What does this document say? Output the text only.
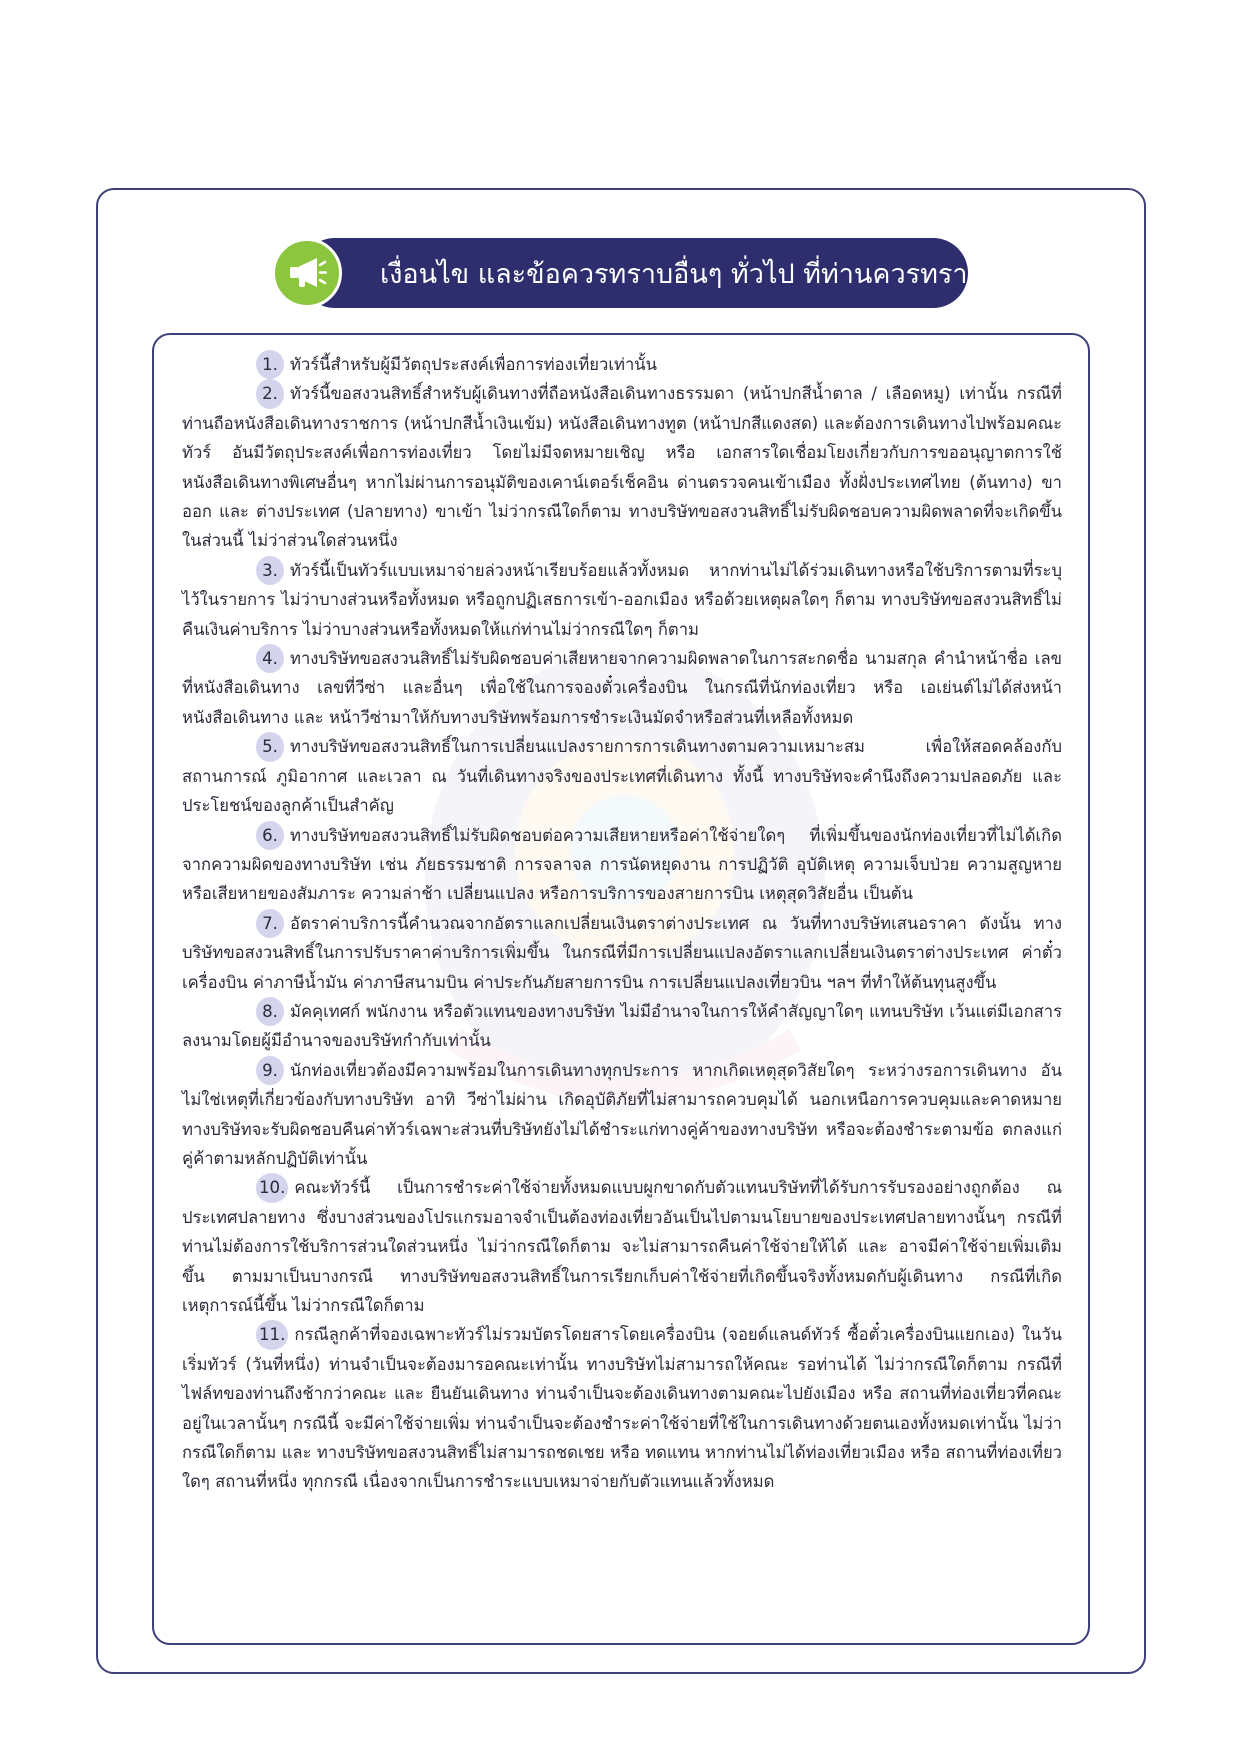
เงื่อนไข และข้อควรทราบอื่นๆ ทั่วไป ที่ท่านควรทราบ

1. ทัวร์นี้สำหรับผู้มีวัตถุประสงค์เพื่อการท่องเที่ยวเท่านั้น

2. ทัวร์นี้ขอสงวนสิทธิ์สำหรับผู้เดินทางที่ถือหนังสือเดินทางธรรมดา (หน้าปกสีน้ำตาล / เลือดหมู) เท่านั้น กรณีที่ท่านถือหนังสือเดินทางราชการ (หน้าปกสีน้ำเงินเข้ม) หนังสือเดินทางทูต (หน้าปกสีแดงสด) และต้องการเดินทางไปพร้อมคณะทัวร์ อันมีวัตถุประสงค์เพื่อการท่องเที่ยว โดยไม่มีจดหมายเชิญ หรือ เอกสารใดเชื่อมโยงเกี่ยวกับการขออนุญาตการใช้หนังสือเดินทางพิเศษอื่นๆ หากไม่ผ่านการอนุมัติของเคาน์เตอร์เช็คอิน ด่านตรวจคนเข้าเมือง ทั้งฝั่งประเทศไทย (ต้นทาง) ขาออก และ ต่างประเทศ (ปลายทาง) ขาเข้า ไม่ว่ากรณีใดก็ตาม ทางบริษัทขอสงวนสิทธิ์ไม่รับผิดชอบความผิดพลาดที่จะเกิดขึ้นในส่วนนี้ ไม่ว่าส่วนใดส่วนหนึ่ง

3. ทัวร์นี้เป็นทัวร์แบบเหมาจ่ายล่วงหน้าเรียบร้อยแล้วทั้งหมด หากท่านไม่ได้ร่วมเดินทางหรือใช้บริการตามที่ระบุไว้ในรายการ ไม่ว่าบางส่วนหรือทั้งหมด หรือถูกปฏิเสธการเข้า-ออกเมือง หรือด้วยเหตุผลใดๆ ก็ตาม ทางบริษัทขอสงวนสิทธิ์ไม่คืนเงินค่าบริการ ไม่ว่าบางส่วนหรือทั้งหมดให้แก่ท่านไม่ว่ากรณีใดๆ ก็ตาม

4. ทางบริษัทขอสงวนสิทธิ์ไม่รับผิดชอบค่าเสียหายจากความผิดพลาดในการสะกดชื่อ นามสกุล คำนำหน้าชื่อ เลขที่หนังสือเดินทาง เลขที่วีซ่า และอื่นๆ เพื่อใช้ในการจองตั๋วเครื่องบิน ในกรณีที่นักท่องเที่ยว หรือ เอเย่นต์ไม่ได้ส่งหน้าหนังสือเดินทาง และ หน้าวีซ่ามาให้กับทางบริษัทพร้อมการชำระเงินมัดจำหรือส่วนที่เหลือทั้งหมด

5. ทางบริษัทขอสงวนสิทธิ์ในการเปลี่ยนแปลงรายการการเดินทางตามความเหมาะสม เพื่อให้สอดคล้องกับ สถานการณ์ ภูมิอากาศ และเวลา ณ วันที่เดินทางจริงของประเทศที่เดินทาง ทั้งนี้ ทางบริษัทจะคำนึงถึงความปลอดภัย และ ประโยชน์ของลูกค้าเป็นสำคัญ

6. ทางบริษัทขอสงวนสิทธิ์ไม่รับผิดชอบต่อความเสียหายหรือค่าใช้จ่ายใดๆ ที่เพิ่มขึ้นของนักท่องเที่ยวที่ไม่ได้เกิดจากความผิดของทางบริษัท เช่น ภัยธรรมชาติ การจลาจล การนัดหยุดงาน การปฏิวัติ อุบัติเหตุ ความเจ็บป่วย ความสูญหายหรือเสียหายของสัมภาระ ความล่าช้า เปลี่ยนแปลง หรือการบริการของสายการบิน เหตุสุดวิสัยอื่น เป็นต้น

7. อัตราค่าบริการนี้คำนวณจากอัตราแลกเปลี่ยนเงินตราต่างประเทศ ณ วันที่ทางบริษัทเสนอราคา ดังนั้น ทางบริษัทขอสงวนสิทธิ์ในการปรับราคาค่าบริการเพิ่มขึ้น ในกรณีที่มีการเปลี่ยนแปลงอัตราแลกเปลี่ยนเงินตราต่างประเทศ ค่าตั๋ว เครื่องบิน ค่าภาษีน้ำมัน ค่าภาษีสนามบิน ค่าประกันภัยสายการบิน การเปลี่ยนแปลงเที่ยวบิน ฯลฯ ที่ทำให้ต้นทุนสูงขึ้น

8. มัคคุเทศก์ พนักงาน หรือตัวแทนของทางบริษัท ไม่มีอำนาจในการให้คำสัญญาใดๆ แทนบริษัท เว้นแต่มีเอกสารลงนามโดยผู้มีอำนาจของบริษัทกำกับเท่านั้น

9. นักท่องเที่ยวต้องมีความพร้อมในการเดินทางทุกประการ หากเกิดเหตุสุดวิสัยใดๆ ระหว่างรอการเดินทาง อันไม่ใช่เหตุที่เกี่ยวข้องกับทางบริษัท อาทิ วีซ่าไม่ผ่าน เกิดอุบัติภัยที่ไม่สามารถควบคุมได้ นอกเหนือการควบคุมและคาดหมาย ทางบริษัทจะรับผิดชอบคืนค่าทัวร์เฉพาะส่วนที่บริษัทยังไม่ได้ชำระแก่ทางคู่ค้าของทางบริษัท หรือจะต้องชำระตามข้อ ตกลงแก่คู่ค้าตามหลักปฏิบัติเท่านั้น

10. คณะทัวร์นี้ เป็นการชำระค่าใช้จ่ายทั้งหมดแบบผูกขาดกับตัวแทนบริษัทที่ได้รับการรับรองอย่างถูกต้อง ณ ประเทศปลายทาง ซึ่งบางส่วนของโปรแกรมอาจจำเป็นต้องท่องเที่ยวอันเป็นไปตามนโยบายของประเทศปลายทางนั้นๆ กรณีที่ท่านไม่ต้องการใช้บริการส่วนใดส่วนหนึ่ง ไม่ว่ากรณีใดก็ตาม จะไม่สามารถคืนค่าใช้จ่ายให้ได้ และ อาจมีค่าใช้จ่ายเพิ่มเติมขึ้น ตามมาเป็นบางกรณี ทางบริษัทขอสงวนสิทธิ์ในการเรียกเก็บค่าใช้จ่ายที่เกิดขึ้นจริงทั้งหมดกับผู้เดินทาง กรณีที่เกิดเหตุการณ์นี้ขึ้น ไม่ว่ากรณีใดก็ตาม

11. กรณีลูกค้าที่จองเฉพาะทัวร์ไม่รวมบัตรโดยสารโดยเครื่องบิน (จอยด์แลนด์ทัวร์ ซื้อตั๋วเครื่องบินแยกเอง) ในวันเริ่มทัวร์ (วันที่หนึ่ง) ท่านจำเป็นจะต้องมารอคณะเท่านั้น ทางบริษัทไม่สามารถให้คณะ รอท่านได้ ไม่ว่ากรณีใดก็ตาม กรณีที่ไฟล์ทของท่านถึงช้ากว่าคณะ และ ยืนยันเดินทาง ท่านจำเป็นจะต้องเดินทางตามคณะไปยังเมือง หรือ สถานที่ท่องเที่ยวที่คณะอยู่ในเวลานั้นๆ กรณีนี้ จะมีค่าใช้จ่ายเพิ่ม ท่านจำเป็นจะต้องชำระค่าใช้จ่ายที่ใช้ในการเดินทางด้วยตนเองทั้งหมดเท่านั้น ไม่ว่า กรณีใดก็ตาม และ ทางบริษัทขอสงวนสิทธิ์ไม่สามารถชดเชย หรือ ทดแทน หากท่านไม่ได้ท่องเที่ยวเมือง หรือ สถานที่ท่องเที่ยวใดๆ สถานที่หนึ่ง ทุกกรณี เนื่องจากเป็นการชำระแบบเหมาจ่ายกับตัวแทนแล้วทั้งหมด
